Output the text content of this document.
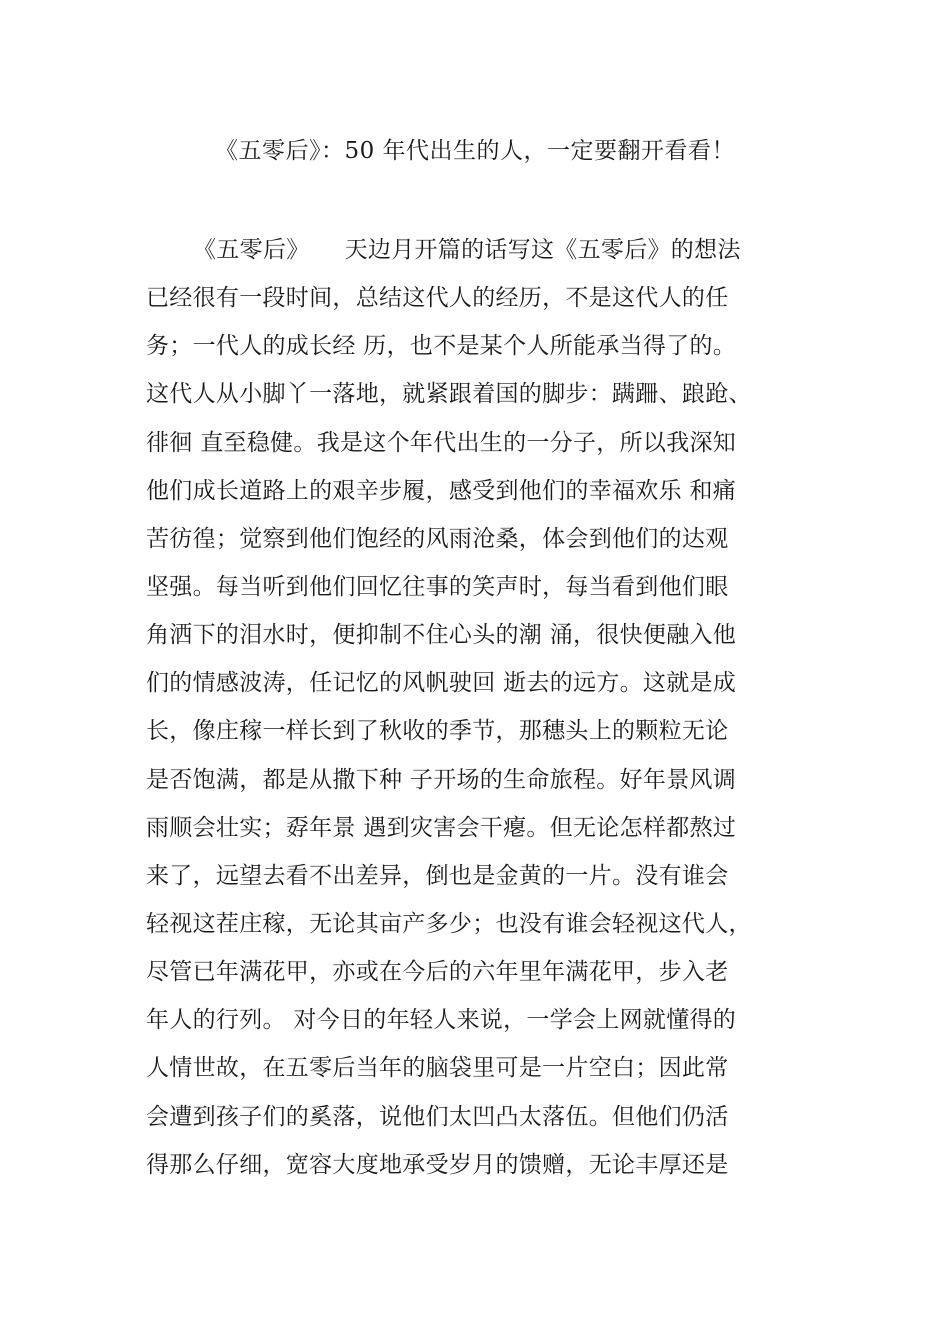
《五零后》：50 年代出生的人，一定要翻开看看！
《五零后》　　天边月开篇的话写这《五零后》的想法
已经很有一段时间，总结这代人的经历，不是这代人的任
务；一代人的成长经 历，也不是某个人所能承当得了的。
这代人从小脚丫一落地，就紧跟着国的脚步：蹒跚、踉跄、
徘徊 直至稳健。我是这个年代出生的一分子，所以我深知
他们成长道路上的艰辛步履，感受到他们的幸福欢乐 和痛
苦彷徨；觉察到他们饱经的风雨沧桑，体会到他们的达观
坚强。每当听到他们回忆往事的笑声时，每当看到他们眼
角洒下的泪水时，便抑制不住心头的潮 涌，很快便融入他
们的情感波涛，任记忆的风帆驶回 逝去的远方。这就是成
长，像庄稼一样长到了秋收的季节，那穗头上的颗粒无论
是否饱满，都是从撒下种 子开场的生命旅程。好年景风调
雨顺会壮实；孬年景 遇到灾害会干瘪。但无论怎样都熬过
来了，远望去看不出差异，倒也是金黄的一片。没有谁会
轻视这茬庄稼，无论其亩产多少；也没有谁会轻视这代人，
尽管已年满花甲，亦或在今后的六年里年满花甲，步入老
年人的行列。 对今日的年轻人来说，一学会上网就懂得的
人情世故，在五零后当年的脑袋里可是一片空白；因此常
会遭到孩子们的奚落，说他们太凹凸太落伍。但他们仍活
得那么仔细，宽容大度地承受岁月的馈赠，无论丰厚还是
